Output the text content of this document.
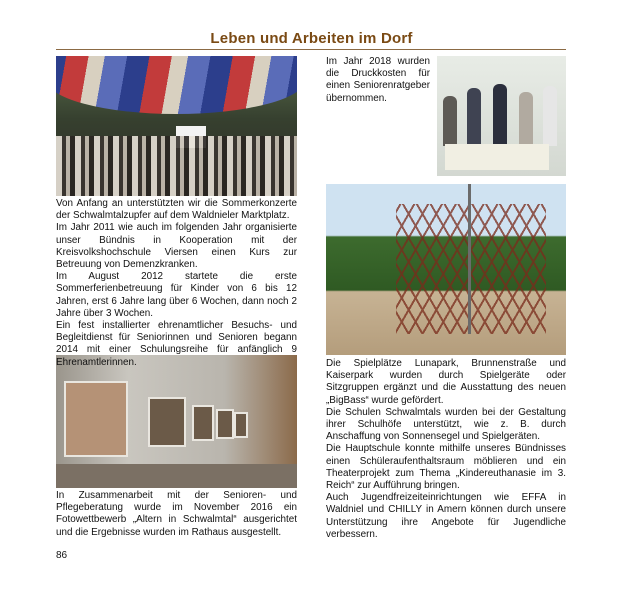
Leben und Arbeiten im Dorf

Von Anfang an unterstützten wir die Sommerkonzerte der Schwalmtalzupfer auf dem Waldnieler Marktplatz.

Im Jahr 2011 wie auch im folgenden Jahr organisierte unser Bündnis in Kooperation mit der Kreisvolkshochschule Viersen einen Kurs zur Betreuung von Demenzkranken.

Im August 2012 startete die erste Sommerferienbetreuung für Kinder von 6 bis 12 Jahren, erst 6 Jahre lang über 6 Wochen, dann noch 2 Jahre über 3 Wochen.

Ein fest installierter ehrenamtlicher Besuchs- und Begleitdienst für Seniorinnen und Senioren begann 2014 mit einer Schulungsreihe für anfänglich 9 Ehrenamtlerinnen.

In Zusammenarbeit mit der Senioren- und Pflegeberatung wurde im November 2016 ein Fotowettbewerb „Altern in Schwalmtal“ ausgerichtet und die Ergebnisse wurden im Rathaus ausgestellt.

Im Jahr 2018 wurden die Druckkosten für einen Seniorenratgeber übernommen.

Die Spielplätze Lunapark, Brunnenstraße und Kaiserpark wurden durch Spielgeräte oder Sitzgruppen ergänzt und die Ausstattung des neuen „BigBass“ wurde gefördert.

Die Schulen Schwalmtals wurden bei der Gestaltung ihrer Schulhöfe unterstützt, wie z. B. durch Anschaffung von Sonnensegel und Spielgeräten.

Die Hauptschule konnte mithilfe unseres Bündnisses einen Schüleraufenthaltsraum möblieren und ein Theaterprojekt zum Thema „Kindereuthanasie im 3. Reich“ zur Aufführung bringen.

Auch Jugendfreizeiteinrichtungen wie EFFA in Waldniel und CHILLY in Amern können durch unsere Unterstützung ihre Angebote für Jugendliche verbessern.

86
